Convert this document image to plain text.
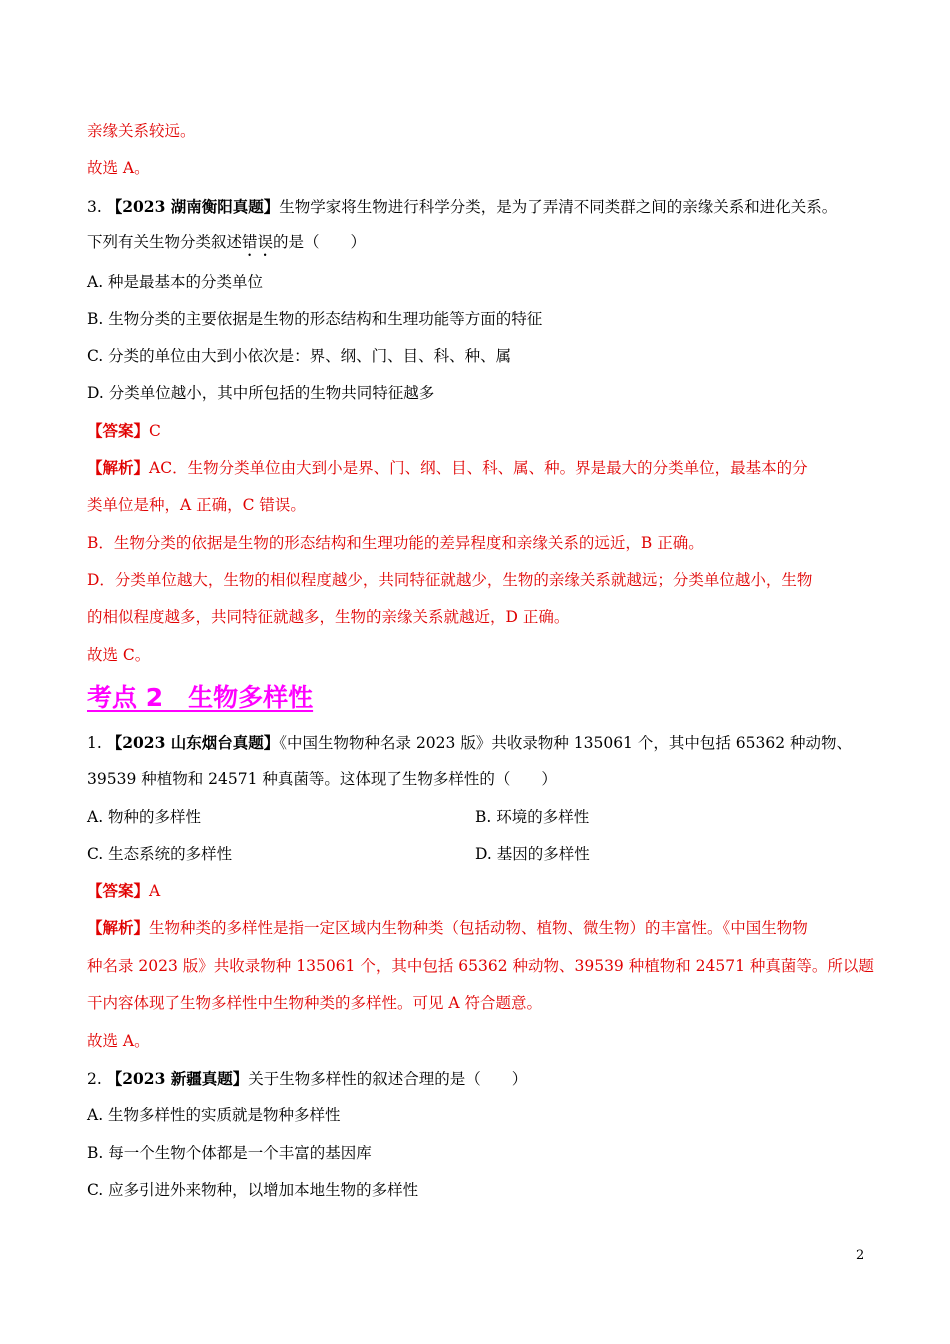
亲缘关系较远。
故选 A。
3. 【2023 湖南衡阳真题】生物学家将生物进行科学分类，是为了弄清不同类群之间的亲缘关系和进化关系。
下列有关生物分类叙述错误的是（　　）
A. 种是最基本的分类单位
B. 生物分类的主要依据是生物的形态结构和生理功能等方面的特征
C. 分类的单位由大到小依次是：界、纲、门、目、科、种、属
D. 分类单位越小，其中所包括的生物共同特征越多
【答案】C
【解析】AC．生物分类单位由大到小是界、门、纲、目、科、属、种。界是最大的分类单位，最基本的分
类单位是种，A 正确，C 错误。
B．生物分类的依据是生物的形态结构和生理功能的差异程度和亲缘关系的远近，B 正确。
D．分类单位越大，生物的相似程度越少，共同特征就越少，生物的亲缘关系就越远；分类单位越小，生物
的相似程度越多，共同特征就越多，生物的亲缘关系就越近，D 正确。
故选 C。
考点 2　生物多样性
1. 【2023 山东烟台真题】《中国生物物种名录 2023 版》共收录物种 135061 个，其中包括 65362 种动物、
39539 种植物和 24571 种真菌等。这体现了生物多样性的（　　）
A. 物种的多样性	B. 环境的多样性
C. 生态系统的多样性	D. 基因的多样性
【答案】A
【解析】生物种类的多样性是指一定区域内生物种类（包括动物、植物、微生物）的丰富性。《中国生物物
种名录 2023 版》共收录物种 135061 个，其中包括 65362 种动物、39539 种植物和 24571 种真菌等。所以题
干内容体现了生物多样性中生物种类的多样性。可见 A 符合题意。
故选 A。
2. 【2023 新疆真题】关于生物多样性的叙述合理的是（　　）
A. 生物多样性的实质就是物种多样性
B. 每一个生物个体都是一个丰富的基因库
C. 应多引进外来物种，以增加本地生物的多样性
2
